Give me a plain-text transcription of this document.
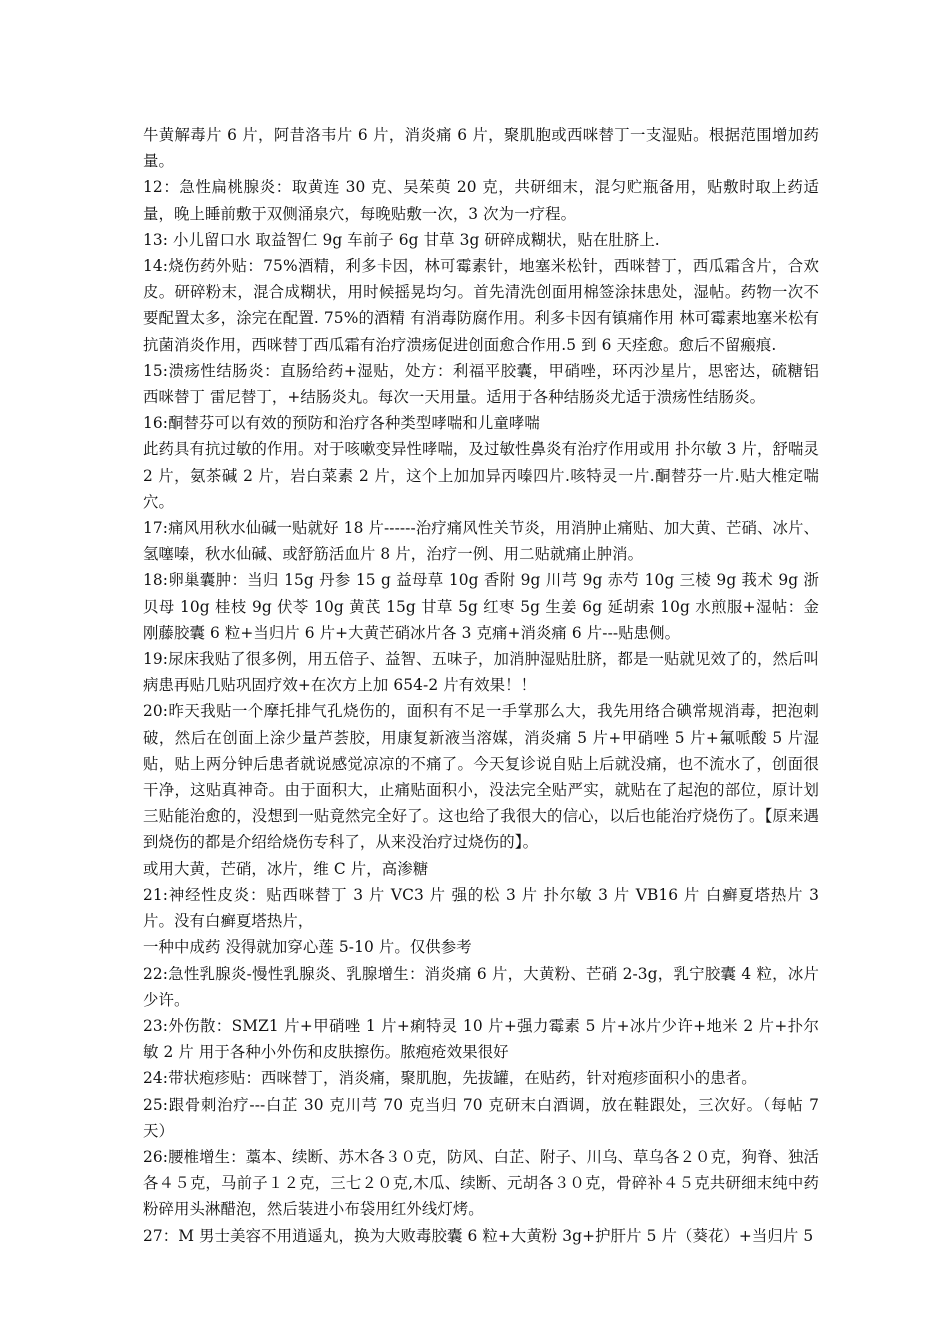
牛黄解毒片 6 片，阿昔洛韦片 6 片，消炎痛 6 片，聚肌胞或西咪替丁一支湿贴。根据范围增加药量。

12：急性扁桃腺炎：取黄连 30 克、吴茱萸 20 克，共研细末，混匀贮瓶备用，贴敷时取上药适量，晚上睡前敷于双侧涌泉穴，每晚贴敷一次，3 次为一疗程。

13: 小儿留口水 取益智仁 9g 车前子 6g 甘草 3g 研碎成糊状，贴在肚脐上.

14:烧伤药外贴：75%酒精，利多卡因，林可霉素针，地塞米松针，西咪替丁，西瓜霜含片，合欢皮。研碎粉末，混合成糊状，用时候摇晃均匀。首先清洗创面用棉签涂抹患处，湿帖。药物一次不要配置太多，涂完在配置. 75%的酒精 有消毒防腐作用。利多卡因有镇痛作用 林可霉素地塞米松有抗菌消炎作用，西咪替丁西瓜霜有治疗溃疡促进创面愈合作用.5 到 6 天痊愈。愈后不留瘢痕.

15:溃疡性结肠炎：直肠给药+湿贴，处方：利福平胶囊，甲硝唑，环丙沙星片，思密达，硫糖铝 西咪替丁 雷尼替丁，+结肠炎丸。每次一天用量。适用于各种结肠炎尤适于溃疡性结肠炎。

16:酮替芬可以有效的预防和治疗各种类型哮喘和儿童哮喘

此药具有抗过敏的作用。对于咳嗽变异性哮喘，及过敏性鼻炎有治疗作用或用 扑尔敏 3 片，舒喘灵 2 片，氨茶碱 2 片，岩白菜素 2 片，这个上加加异丙嗪四片.咳特灵一片.酮替芬一片.贴大椎定喘穴。

17:痛风用秋水仙碱一贴就好 18 片------治疗痛风性关节炎，用消肿止痛贴、加大黄、芒硝、冰片、氢噻嗪，秋水仙碱、或舒筋活血片 8 片，治疗一例、用二贴就痛止肿消。

18:卵巢囊肿：当归 15g 丹参 15 g 益母草 10g 香附 9g 川芎 9g 赤芍 10g 三棱 9g 莪术 9g 浙贝母 10g 桂枝 9g 伏苓 10g 黄芪 15g 甘草 5g 红枣 5g 生姜 6g 延胡索 10g 水煎服+湿帖：金刚藤胶囊 6 粒+当归片 6 片+大黄芒硝冰片各 3 克痛+消炎痛 6 片---贴患侧。

19:尿床我贴了很多例，用五倍子、益智、五味子，加消肿湿贴肚脐，都是一贴就见效了的，然后叫病患再贴几贴巩固疗效+在次方上加 654-2 片有效果！！

20:昨天我贴一个摩托排气孔烧伤的，面积有不足一手掌那么大，我先用络合碘常规消毒，把泡刺破，然后在创面上涂少量芦荟胶，用康复新液当溶媒，消炎痛 5 片+甲硝唑 5 片+氟哌酸 5 片湿贴，贴上两分钟后患者就说感觉凉凉的不痛了。今天复诊说自贴上后就没痛，也不流水了，创面很干净，这贴真神奇。由于面积大，止痛贴面积小，没法完全贴严实，就贴在了起泡的部位，原计划三贴能治愈的，没想到一贴竟然完全好了。这也给了我很大的信心，以后也能治疗烧伤了。【原来遇到烧伤的都是介绍给烧伤专科了，从来没治疗过烧伤的】。

或用大黄，芒硝，冰片，维 C 片，高渗糖

21:神经性皮炎：贴西咪替丁 3 片 VC3 片 强的松 3 片 扑尔敏 3 片 VB16 片 白癣夏塔热片 3 片。没有白癣夏塔热片，

一种中成药 没得就加穿心莲 5-10 片。仅供参考

22:急性乳腺炎-慢性乳腺炎、乳腺增生：消炎痛 6 片，大黄粉、芒硝 2-3g，乳宁胶囊 4 粒，冰片少许。

23:外伤散：SMZ1 片+甲硝唑 1 片+痢特灵 10 片+强力霉素 5 片+冰片少许+地米 2 片+扑尔敏 2 片 用于各种小外伤和皮肤擦伤。脓疱疮效果很好

24:带状疱疹贴：西咪替丁，消炎痛，聚肌胞，先拔罐，在贴药，针对疱疹面积小的患者。

25:跟骨刺治疗---白芷 30 克川芎 70 克当归 70 克研末白酒调，放在鞋跟处，三次好。（每帖 7 天）

26:腰椎增生：藁本、续断、苏木各３０克，防风、白芷、附子、川乌、草乌各２０克，狗脊、独活各４５克，马前子１２克，三七２０克,木瓜、续断、元胡各３０克，骨碎补４５克共研细末纯中药粉碎用头淋醋泡，然后装进小布袋用红外线灯烤。

27：M 男士美容不用逍遥丸，换为大败毒胶囊 6 粒+大黄粉 3g+护肝片 5 片（葵花）+当归片 5
